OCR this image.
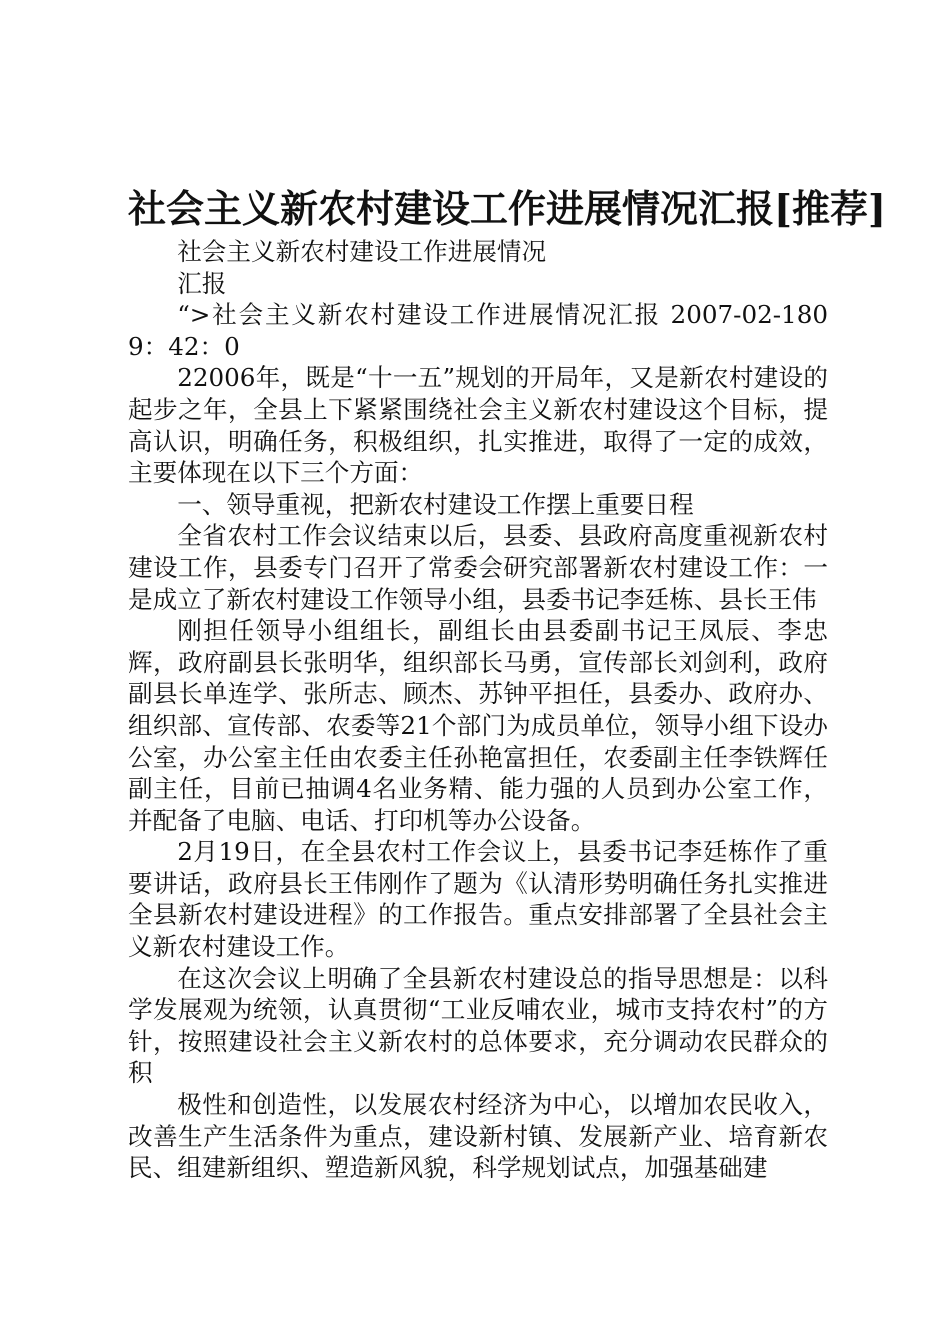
社会主义新农村建设工作进展情况汇报[推荐]

社会主义新农村建设工作进展情况

汇报

“>社会主义新农村建设工作进展情况汇报 2007-02-1809：42：0

22006年，既是“十一五”规划的开局年，又是新农村建设的起步之年，全县上下紧紧围绕社会主义新农村建设这个目标，提高认识，明确任务，积极组织，扎实推进，取得了一定的成效，主要体现在以下三个方面：

一、领导重视，把新农村建设工作摆上重要日程

全省农村工作会议结束以后，县委、县政府高度重视新农村建设工作，县委专门召开了常委会研究部署新农村建设工作：一是成立了新农村建设工作领导小组，县委书记李廷栋、县长王伟

刚担任领导小组组长，副组长由县委副书记王凤辰、李忠辉，政府副县长张明华，组织部长马勇，宣传部长刘剑利，政府副县长单连学、张所志、顾杰、苏钟平担任，县委办、政府办、组织部、宣传部、农委等21个部门为成员单位，领导小组下设办公室，办公室主任由农委主任孙艳富担任，农委副主任李铁辉任副主任，目前已抽调4名业务精、能力强的人员到办公室工作，并配备了电脑、电话、打印机等办公设备。

2月19日，在全县农村工作会议上，县委书记李廷栋作了重要讲话，政府县长王伟刚作了题为《认清形势明确任务扎实推进全县新农村建设进程》的工作报告。重点安排部署了全县社会主义新农村建设工作。

在这次会议上明确了全县新农村建设总的指导思想是：以科学发展观为统领，认真贯彻“工业反哺农业，城市支持农村”的方针，按照建设社会主义新农村的总体要求，充分调动农民群众的积

极性和创造性，以发展农村经济为中心，以增加农民收入，改善生产生活条件为重点，建设新村镇、发展新产业、培育新农民、组建新组织、塑造新风貌，科学规划试点，加强基础建
